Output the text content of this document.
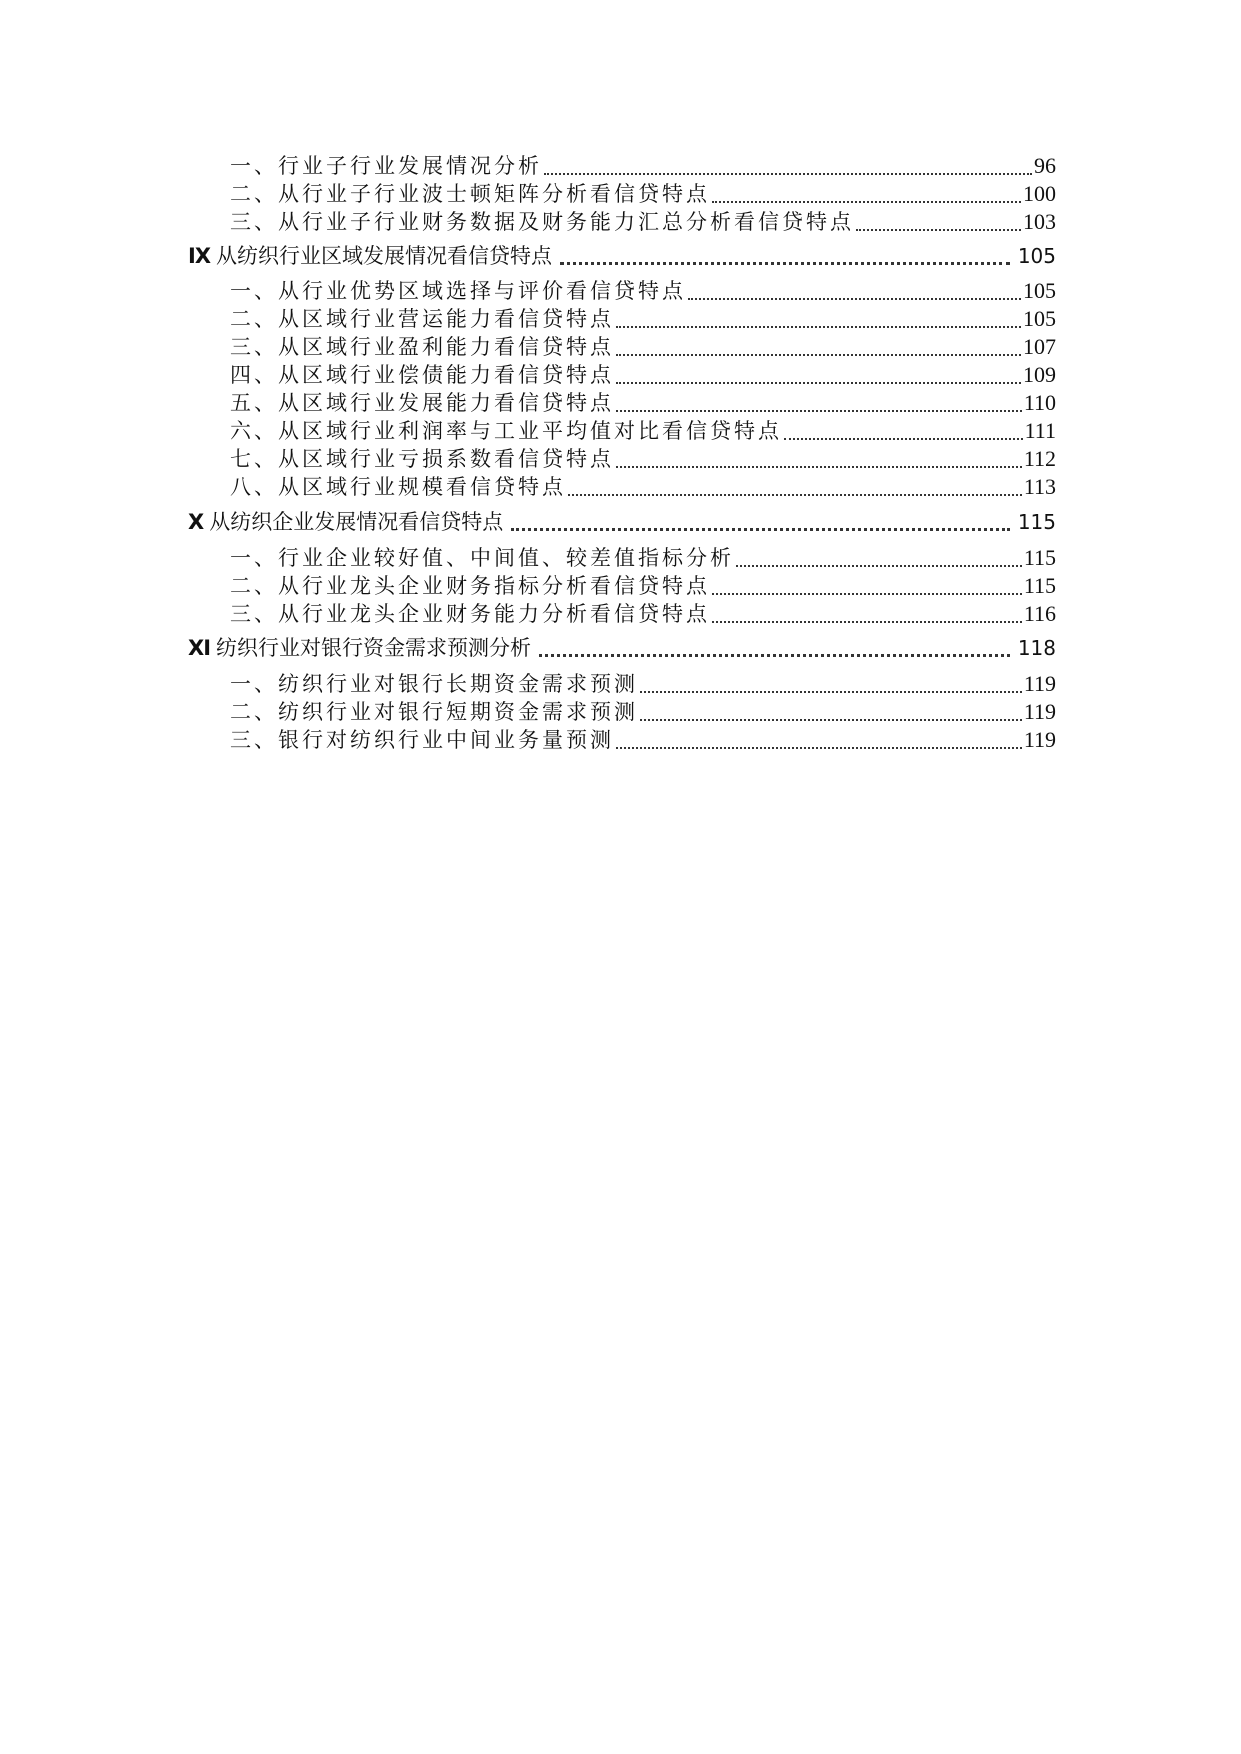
一、行业子行业发展情况分析	96
二、从行业子行业波士顿矩阵分析看信贷特点	100
三、从行业子行业财务数据及财务能力汇总分析看信贷特点	103
IX 从纺织行业区域发展情况看信贷特点	105
一、从行业优势区域选择与评价看信贷特点	105
二、从区域行业营运能力看信贷特点	105
三、从区域行业盈利能力看信贷特点	107
四、从区域行业偿债能力看信贷特点	109
五、从区域行业发展能力看信贷特点	110
六、从区域行业利润率与工业平均值对比看信贷特点	111
七、从区域行业亏损系数看信贷特点	112
八、从区域行业规模看信贷特点	113
X 从纺织企业发展情况看信贷特点	115
一、行业企业较好值、中间值、较差值指标分析	115
二、从行业龙头企业财务指标分析看信贷特点	115
三、从行业龙头企业财务能力分析看信贷特点	116
XI 纺织行业对银行资金需求预测分析	118
一、纺织行业对银行长期资金需求预测	119
二、纺织行业对银行短期资金需求预测	119
三、银行对纺织行业中间业务量预测	119
